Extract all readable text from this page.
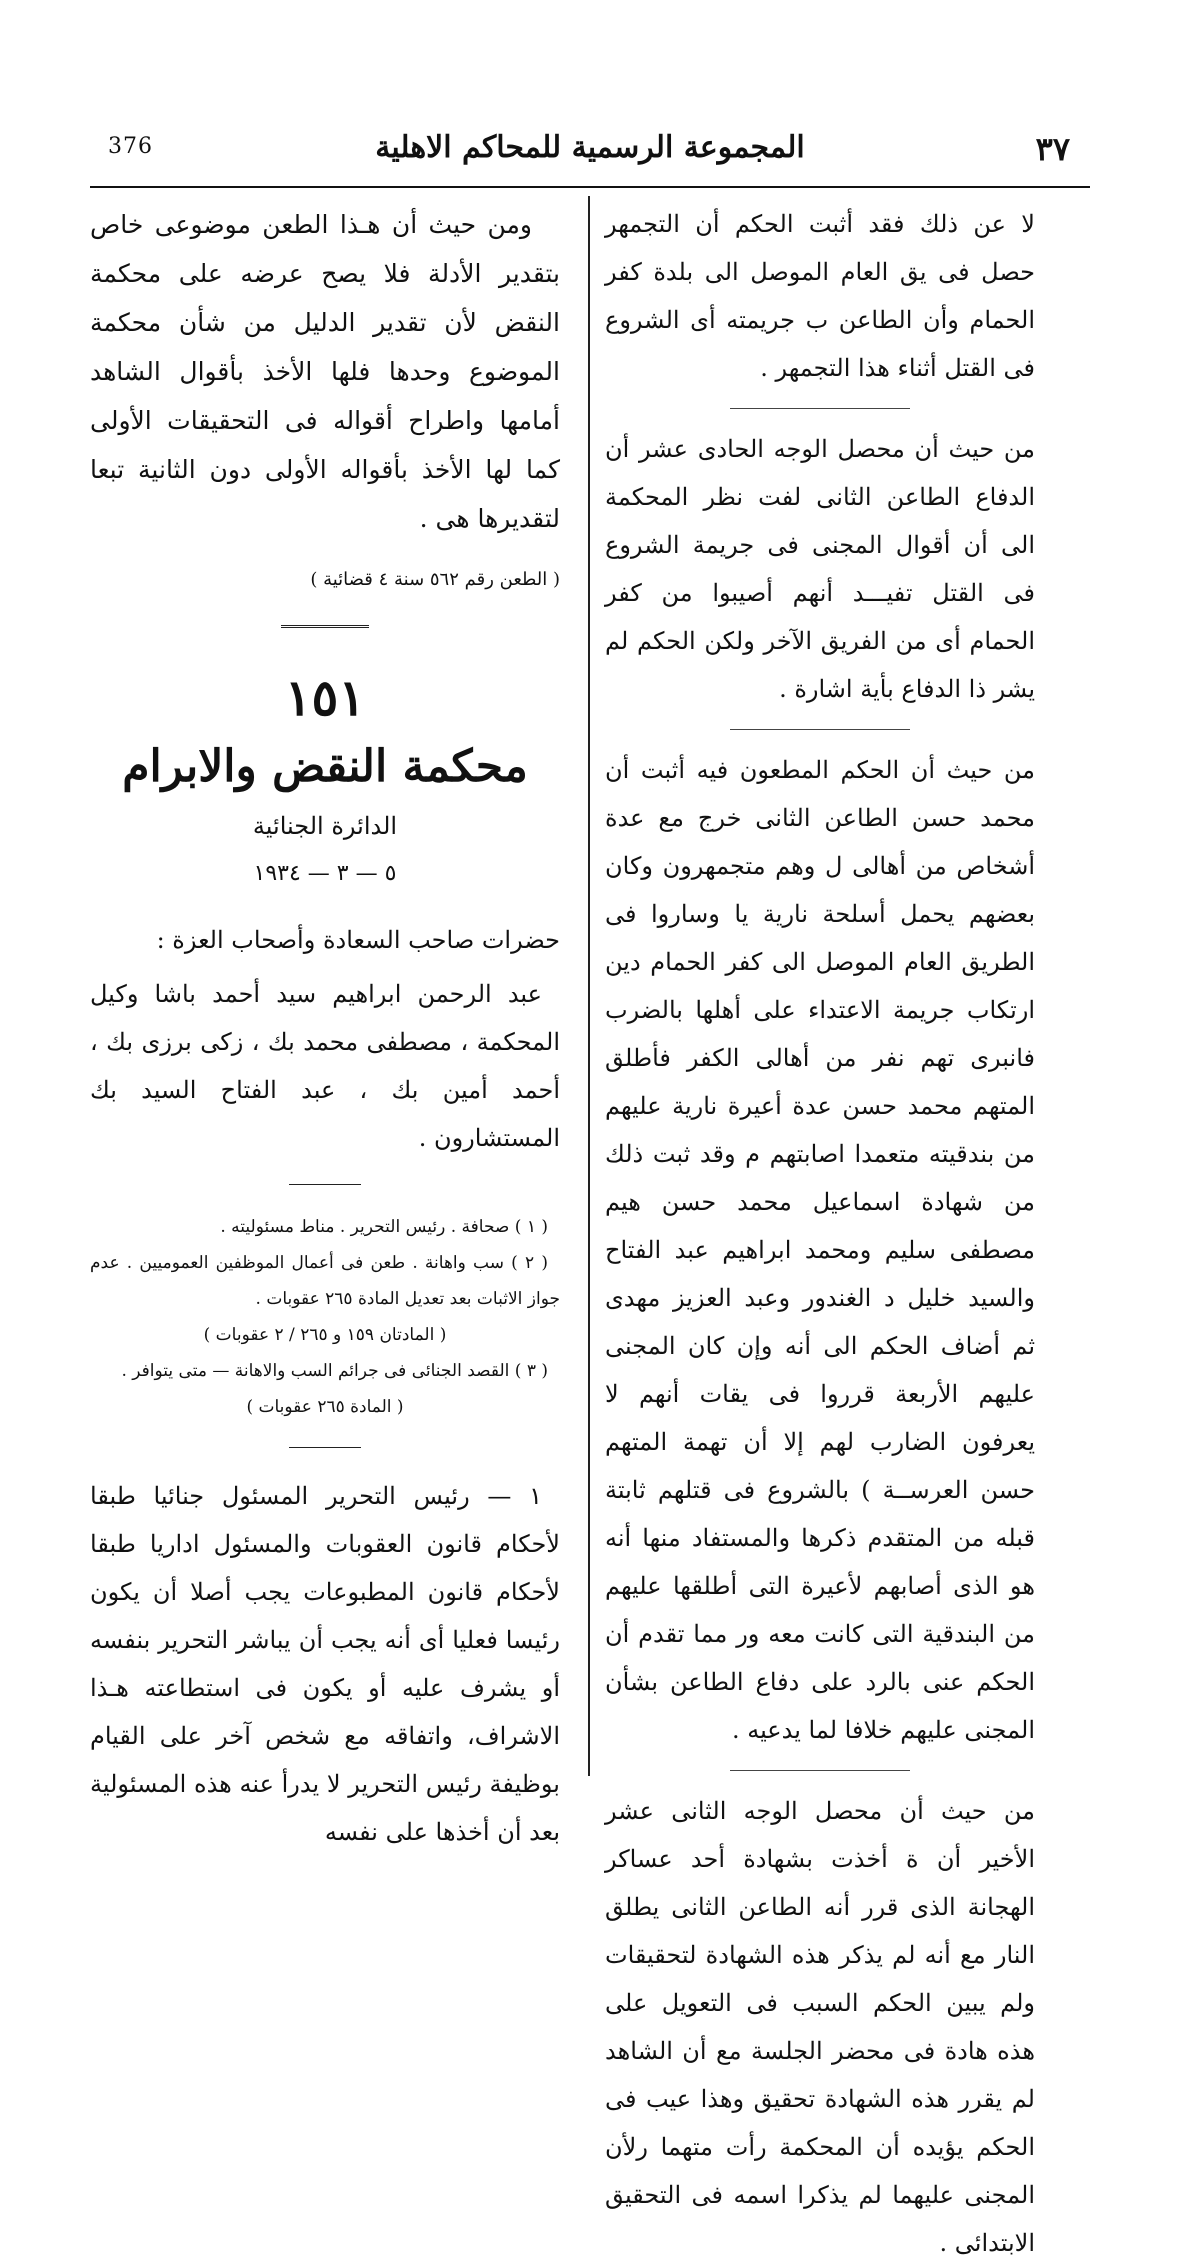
376	المجموعة الرسمية للمحاكم الاهلية	٣٧

ومن حيث أن هـذا الطعن موضوعى خاص بتقدير الأدلة فلا يصح عرضه على محكمة النقض لأن تقدير الدليل من شأن محكمة الموضوع وحدها فلها الأخذ بأقوال الشاهد أمامها واطراح أقواله فى التحقيقات الأولى كما لها الأخذ بأقواله الأولى دون الثانية تبعا لتقديرها هى .

( الطعن رقم ٥٦٢ سنة ٤ قضائية )

١٥١
محكمة النقض والابرام
الدائرة الجنائية
٥ — ٣ — ١٩٣٤
حضرات صاحب السعادة وأصحاب العزة :
عبد الرحمن ابراهيم سيد أحمد باشا وكيل المحكمة ، مصطفى محمد بك ، زكى برزى بك ، أحمد أمين بك ، عبد الفتاح السيد بك المستشارون .

( ١ ) صحافة . رئيس التحرير . مناط مسئوليته .

( ٢ ) سب واهانة . طعن فى أعمال الموظفين العموميين . عدم جواز الاثبات بعد تعديل المادة ٢٦٥ عقوبات .

( المادتان ١٥٩ و ٢٦٥ / ٢ عقوبات )

( ٣ ) القصد الجنائى فى جرائم السب والاهانة — متى يتوافر .

( المادة ٢٦٥ عقوبات )

١ — رئيس التحرير المسئول جنائيا طبقا لأحكام قانون العقوبات والمسئول اداريا طبقا لأحكام قانون المطبوعات يجب أصلا أن يكون رئيسا فعليا أى أنه يجب أن يباشر التحرير بنفسه أو يشرف عليه أو يكون فى استطاعته هـذا الاشراف، واتفاقه مع شخص آخر على القيام بوظيفة رئيس التحرير لا يدرأ عنه هذه المسئولية بعد أن أخذها على نفسه

لا عن ذلك فقد أثبت الحكم أن التجمهر حصل فى يق العام الموصل الى بلدة كفر الحمام وأن الطاعن ب جريمته أى الشروع فى القتل أثناء هذا التجمهر .

من حيث أن محصل الوجه الحادى عشر أن الدفاع الطاعن الثانى لفت نظر المحكمة الى أن أقوال المجنى فى جريمة الشروع فى القتل تفيـــد أنهم أصيبوا من كفر الحمام أى من الفريق الآخر ولكن الحكم لم يشر ذا الدفاع بأية اشارة .

من حيث أن الحكم المطعون فيه أثبت أن محمد حسن الطاعن الثانى خرج مع عدة أشخاص من أهالى ل وهم متجمهرون وكان بعضهم يحمل أسلحة نارية يا وساروا فى الطريق العام الموصل الى كفر الحمام دين ارتكاب جريمة الاعتداء على أهلها بالضرب فانبرى تهم نفر من أهالى الكفر فأطلق المتهم محمد حسن عدة أعيرة نارية عليهم من بندقيته متعمدا اصابتهم م وقد ثبت ذلك من شهادة اسماعيل محمد حسن هيم مصطفى سليم ومحمد ابراهيم عبد الفتاح والسيد خليل د الغندور وعبد العزيز مهدى ثم أضاف الحكم الى أنه وإن كان المجنى عليهم الأربعة قرروا فى يقات أنهم لا يعرفون الضارب لهم إلا أن تهمة المتهم حسن العرســة ) بالشروع فى قتلهم ثابتة قبله من المتقدم ذكرها والمستفاد منها أنه هو الذى أصابهم لأعيرة التى أطلقها عليهم من البندقية التى كانت معه ور مما تقدم أن الحكم عنى بالرد على دفاع الطاعن بشأن المجنى عليهم خلافا لما يدعيه .

من حيث أن محصل الوجه الثانى عشر الأخير أن ة أخذت بشهادة أحد عساكر الهجانة الذى قرر أنه الطاعن الثانى يطلق النار مع أنه لم يذكر هذه الشهادة لتحقيقات ولم يبين الحكم السبب فى التعويل على هذه هادة فى محضر الجلسة مع أن الشاهد لم يقرر هذه الشهادة تحقيق وهذا عيب فى الحكم يؤيده أن المحكمة رأت متهما رلأن المجنى عليهما لم يذكرا اسمه فى التحقيق الابتدائى .
